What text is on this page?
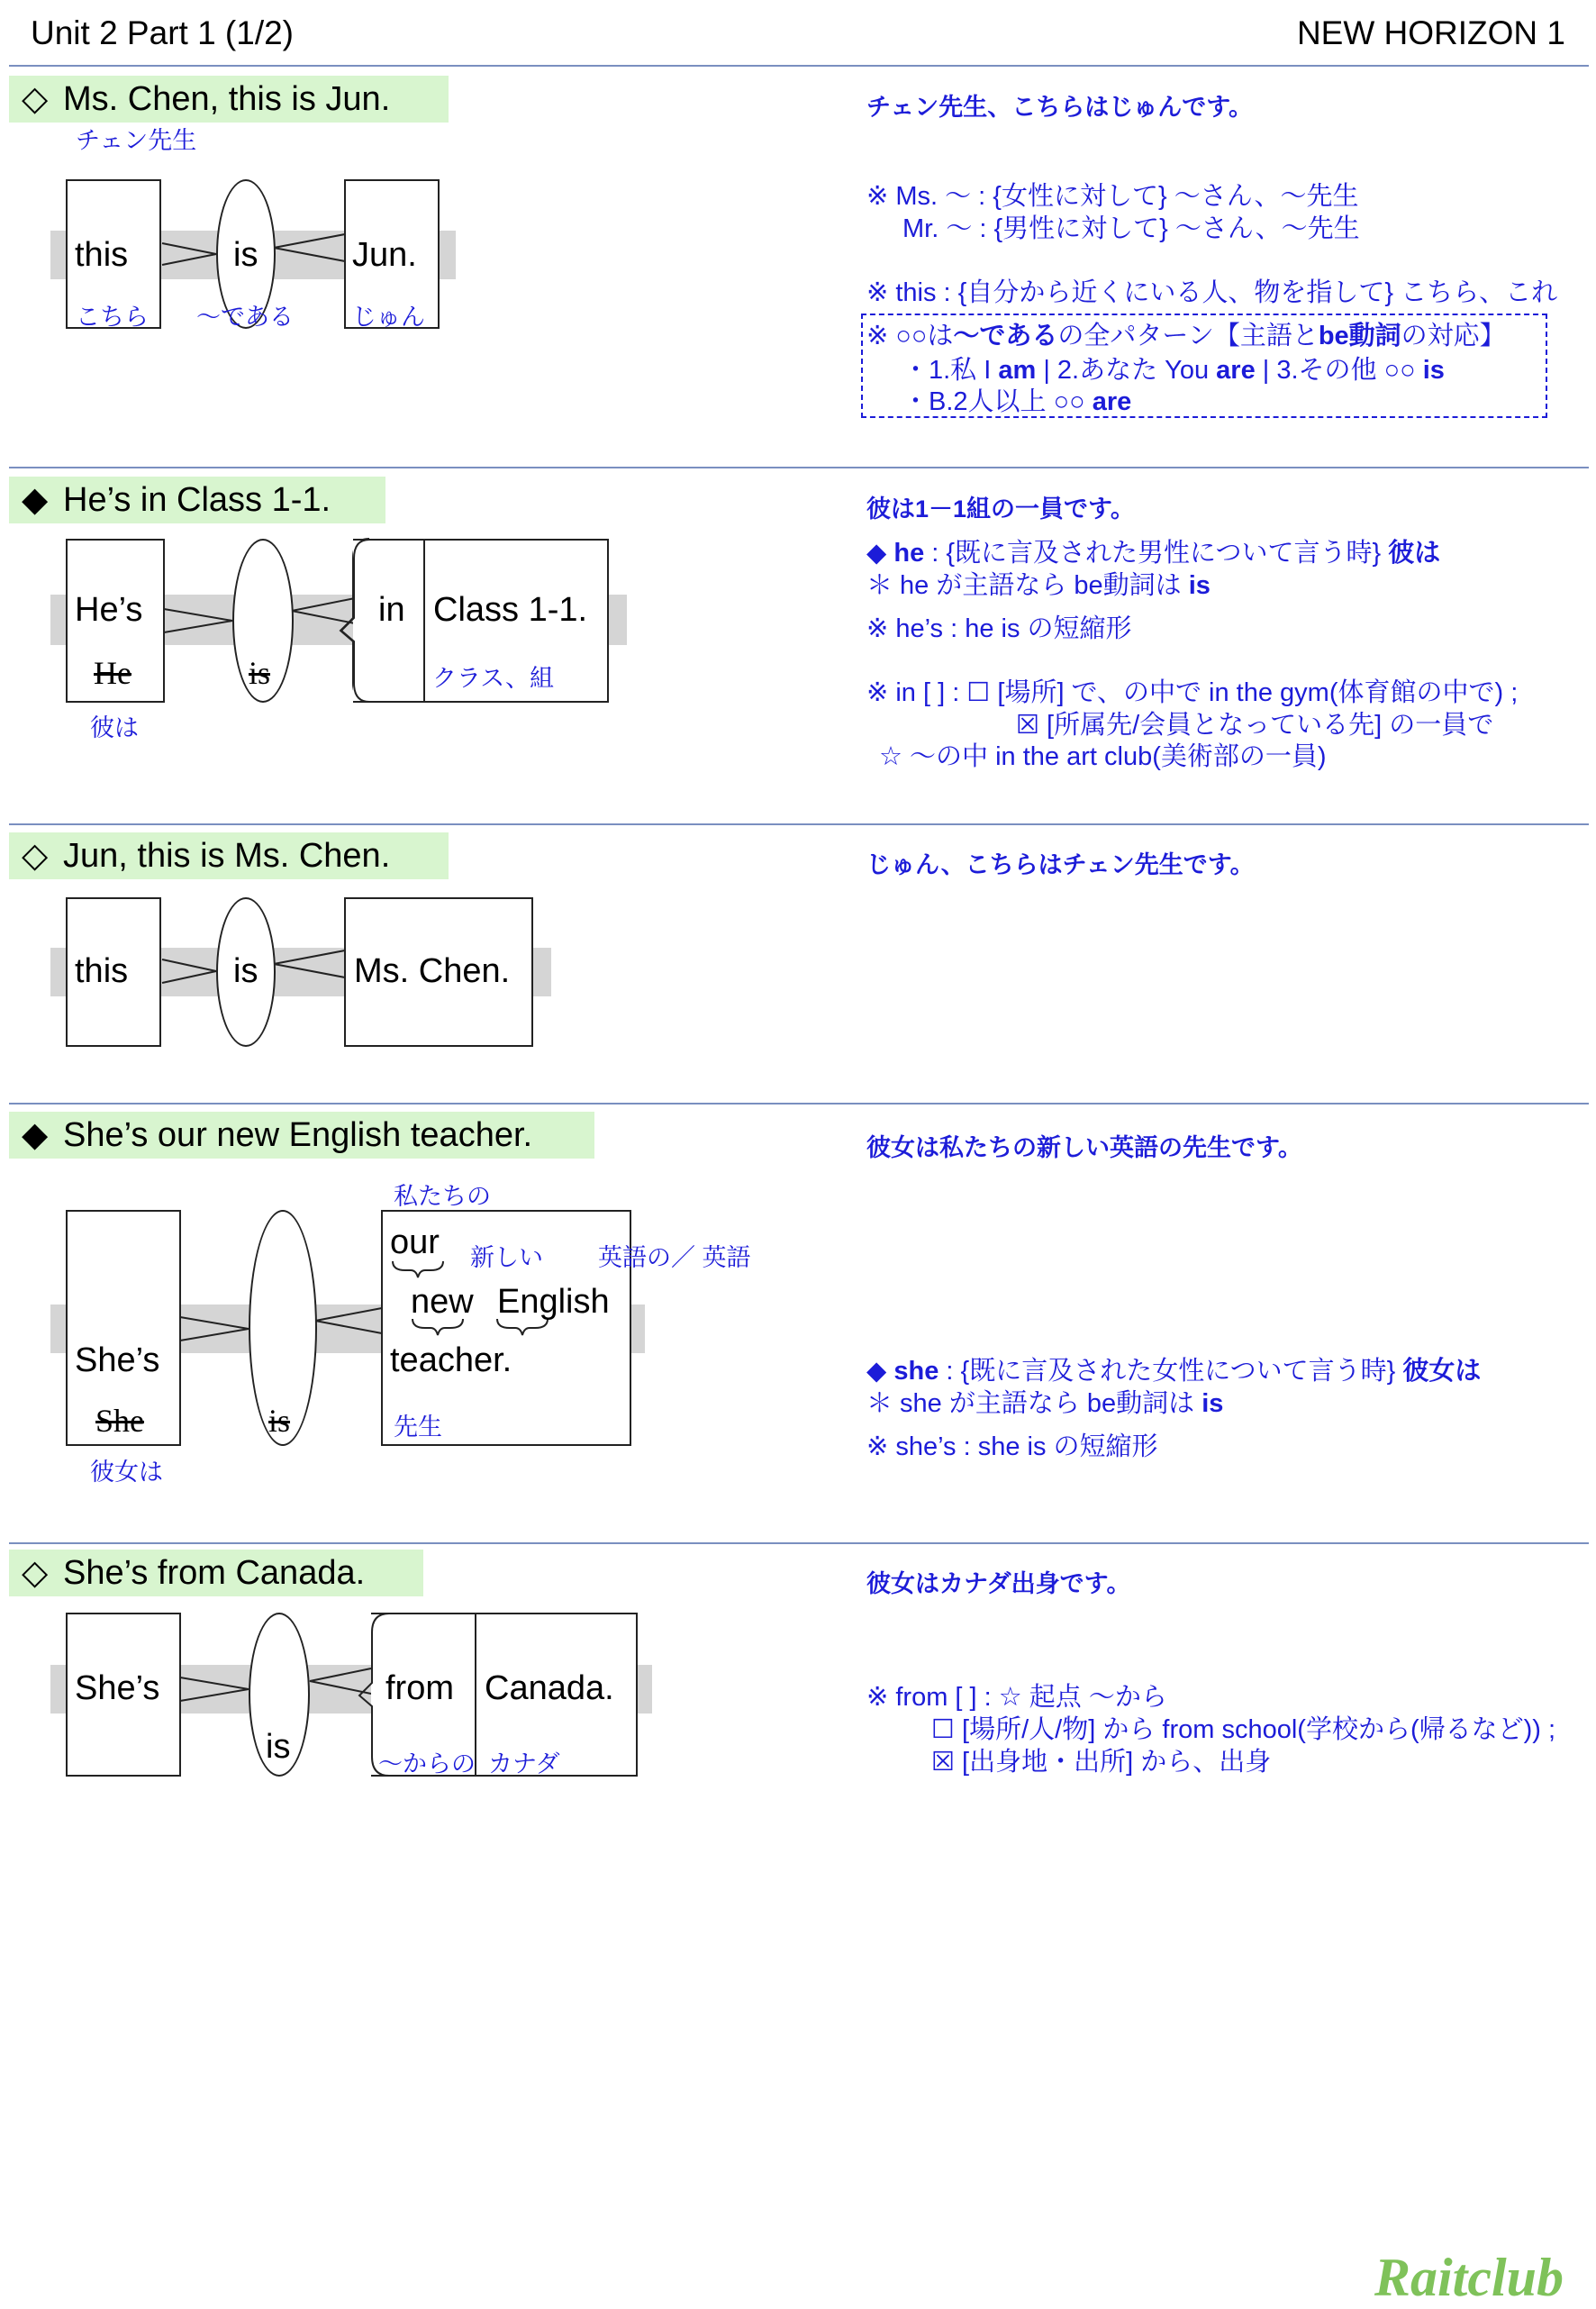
Unit 2 Part 1 (1/2)	NEW HORIZON 1
◇ Ms. Chen, this is Jun.
チェン先生
this
こちら
is
～である
Jun.
じゅん
チェン先生、こちらはじゅんです。
※ Ms. ～ : {女性に対して} ～さん、～先生
Mr. ～ : {男性に対して} ～さん、～先生
※ this : {自分から近くにいる人、物を指して} こちら、これ
※ ○○は～であるの全パターン【主語とbe動詞の対応】
・1.私 I am | 2.あなた You are | 3.その他 ○○ is
・B.2人以上 ○○ are
◆ He’s in Class 1-1.
He’s
He
彼は
is
in Class 1-1.
クラス、組
彼は1－1組の一員です。
◆ he : {既に言及された男性について言う時} 彼は
＊ he が主語なら be動詞は is
※ he’s : he is の短縮形
※ in [ ] : ☐ [場所] で、の中で in the gym(体育館の中で) ;
☒ [所属先/会員となっている先] の一員で
☆ ～の中 in the art club(美術部の一員)
◇ Jun, this is Ms. Chen.
this	is	Ms. Chen.
じゅん、こちらはチェン先生です。
◆ She’s our new English teacher.
She’s
She
彼女は
is
私たちの
our 新しい 英語の／ 英語
new English
teacher.
先生
彼女は私たちの新しい英語の先生です。
◆ she : {既に言及された女性について言う時} 彼女は
＊ she が主語なら be動詞は is
※ she’s : she is の短縮形
◇ She’s from Canada.
She’s
is
from
～からの
Canada.
カナダ
彼女はカナダ出身です。
※ from [ ] : ☆ 起点 ～から
☐ [場所/人/物] から from school(学校から(帰るなど)) ;
☒ [出身地・出所] から、出身
Raitclub
